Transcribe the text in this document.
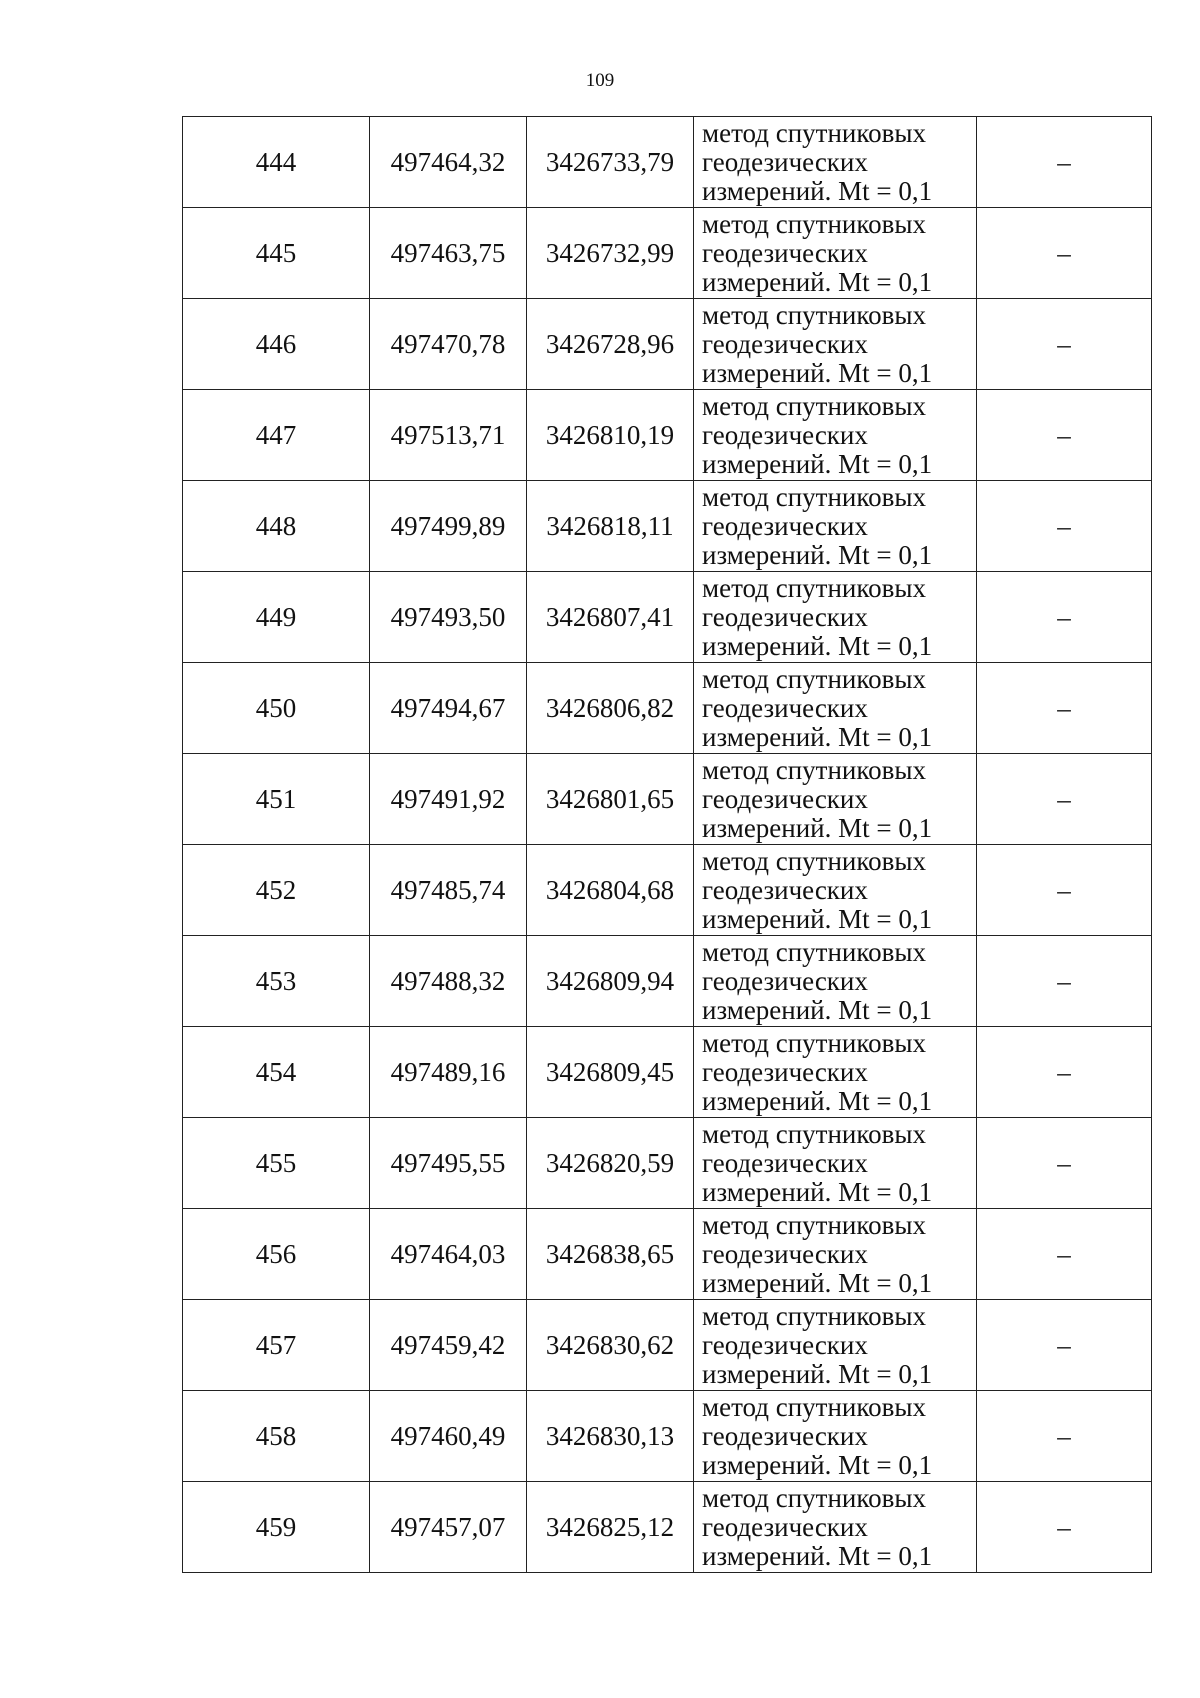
109
444	497464,32	3426733,79	метод спутниковых
геодезических
измерений. Mt = 0,1	–
445	497463,75	3426732,99	метод спутниковых
геодезических
измерений. Mt = 0,1	–
446	497470,78	3426728,96	метод спутниковых
геодезических
измерений. Mt = 0,1	–
447	497513,71	3426810,19	метод спутниковых
геодезических
измерений. Mt = 0,1	–
448	497499,89	3426818,11	метод спутниковых
геодезических
измерений. Mt = 0,1	–
449	497493,50	3426807,41	метод спутниковых
геодезических
измерений. Mt = 0,1	–
450	497494,67	3426806,82	метод спутниковых
геодезических
измерений. Mt = 0,1	–
451	497491,92	3426801,65	метод спутниковых
геодезических
измерений. Mt = 0,1	–
452	497485,74	3426804,68	метод спутниковых
геодезических
измерений. Mt = 0,1	–
453	497488,32	3426809,94	метод спутниковых
геодезических
измерений. Mt = 0,1	–
454	497489,16	3426809,45	метод спутниковых
геодезических
измерений. Mt = 0,1	–
455	497495,55	3426820,59	метод спутниковых
геодезических
измерений. Mt = 0,1	–
456	497464,03	3426838,65	метод спутниковых
геодезических
измерений. Mt = 0,1	–
457	497459,42	3426830,62	метод спутниковых
геодезических
измерений. Mt = 0,1	–
458	497460,49	3426830,13	метод спутниковых
геодезических
измерений. Mt = 0,1	–
459	497457,07	3426825,12	метод спутниковых
геодезических
измерений. Mt = 0,1	–
